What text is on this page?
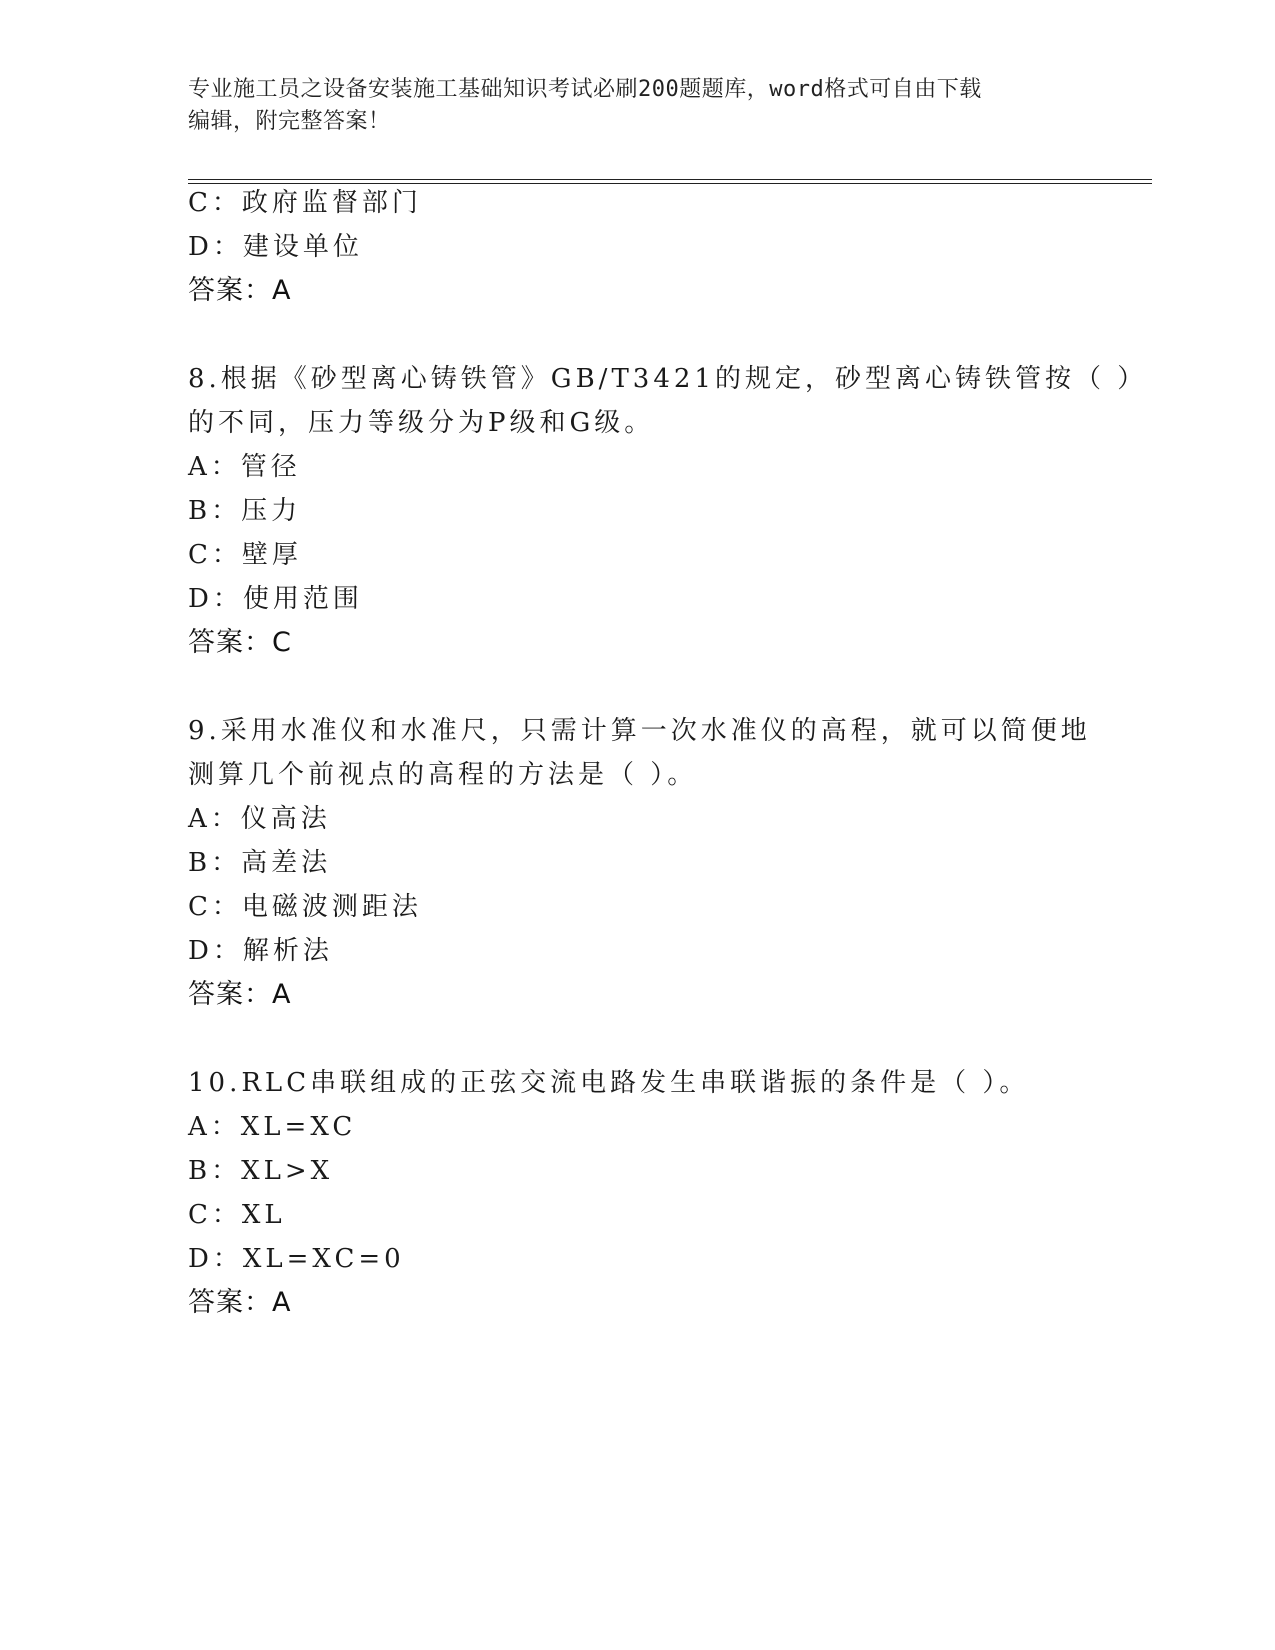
专业施工员之设备安装施工基础知识考试必刷200题题库，word格式可自由下载
编辑，附完整答案！
C：政府监督部门
D：建设单位
答案：A
8.根据《砂型离心铸铁管》GB/T3421的规定，砂型离心铸铁管按（ ）
的不同，压力等级分为P级和G级。
A：管径
B：压力
C：壁厚
D：使用范围
答案：C
9.采用水准仪和水准尺，只需计算一次水准仪的高程，就可以简便地
测算几个前视点的高程的方法是（ ）。
A：仪高法
B：高差法
C：电磁波测距法
D：解析法
答案：A
10.RLC串联组成的正弦交流电路发生串联谐振的条件是（ ）。
A：XL=XC
B：XL>X
C：XL
D：XL=XC=0
答案：A
